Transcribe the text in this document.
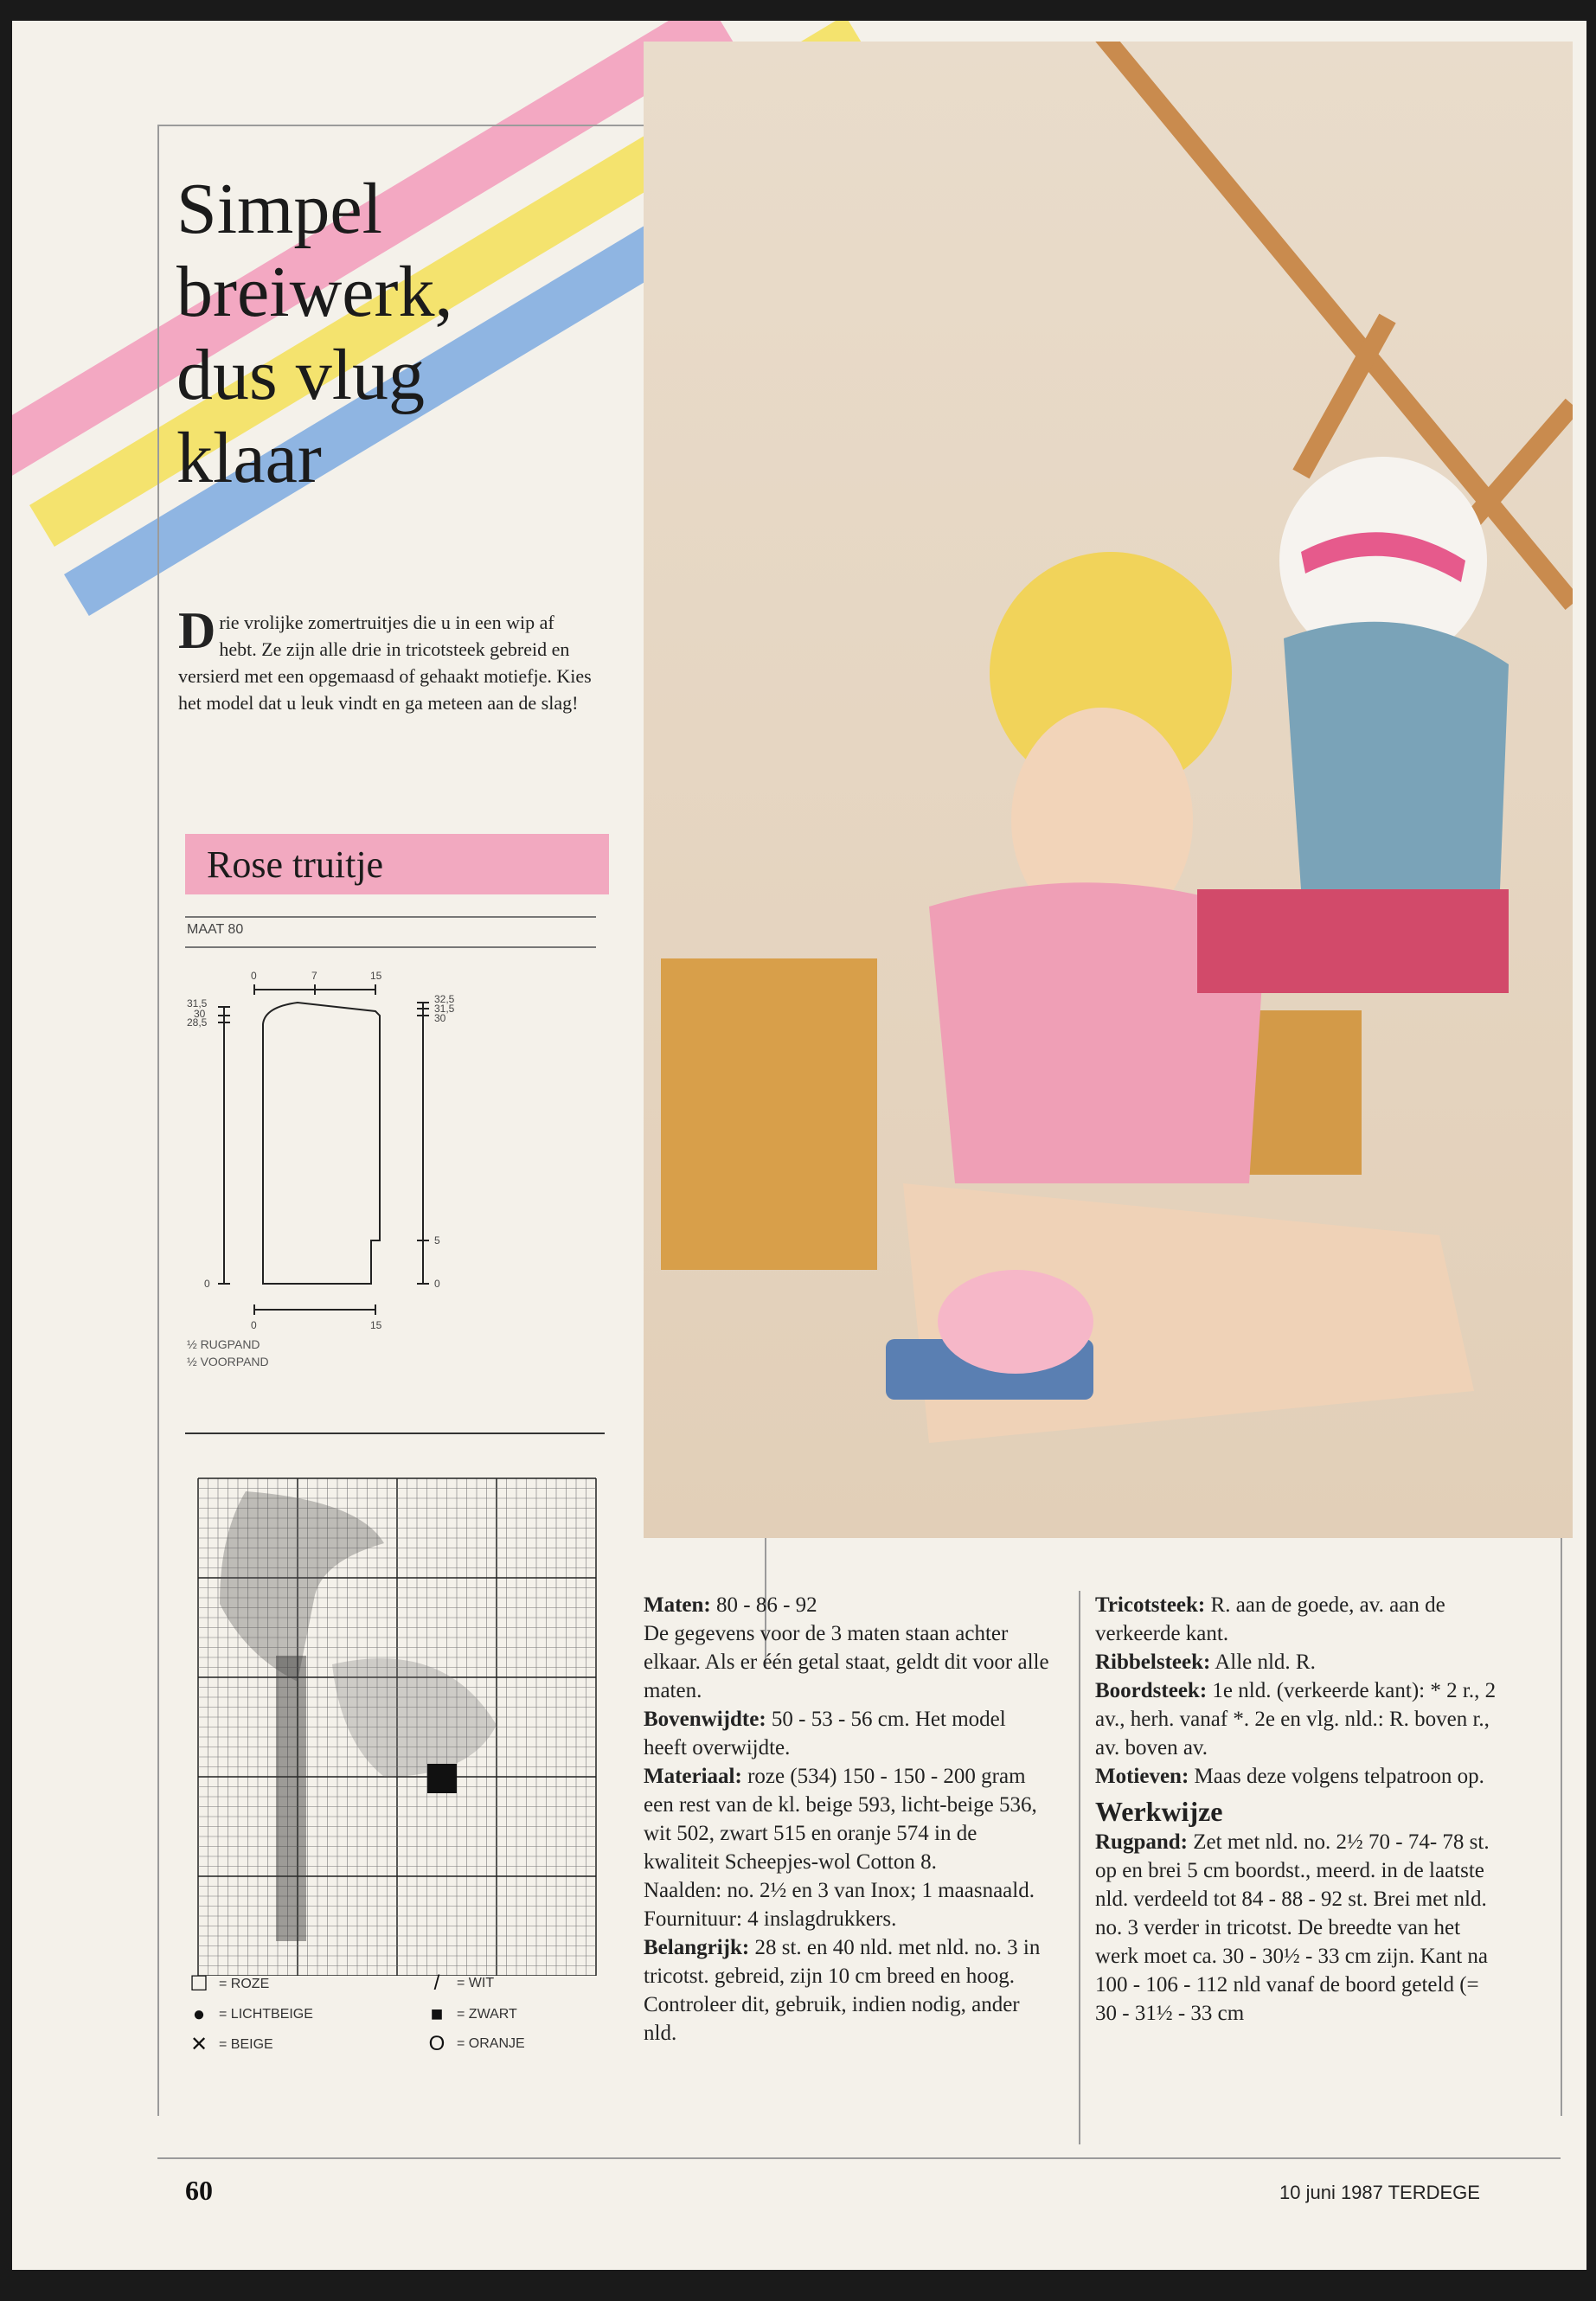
Simpel
breiwerk,
dus vlug
klaar
Drie vrolijke zomertruitjes die u in een wip af hebt. Ze zijn alle drie in tricotsteek gebreid en versierd met een opgemaasd of gehaakt motiefje. Kies het model dat u leuk vindt en ga meteen aan de slag!
Rose truitje
MAAT 80
0	7	15
31,5
30
28,5
0
32,5
31,5
30
5
0
0	15
½ RUGPAND
½ VOORPAND
☐ = ROZE
● = LICHTBEIGE
✕ = BEIGE
/	= WIT
■ = ZWART
O = ORANJE
Maten: 80 - 86 - 92
De gegevens voor de 3 maten staan achter elkaar. Als er één getal staat, geldt dit voor alle maten.
Bovenwijdte: 50 - 53 - 56 cm. Het model heeft overwijdte.
Materiaal: roze (534) 150 - 150 - 200 gram
een rest van de kl. beige 593, licht-beige 536, wit 502, zwart 515 en oranje 574 in de kwaliteit Scheepjes-wol Cotton 8.
Naalden: no. 2½ en 3 van Inox; 1 maasnaald.
Fournituur: 4 inslagdrukkers.
Belangrijk: 28 st. en 40 nld. met nld. no. 3 in tricotst. gebreid, zijn 10 cm breed en hoog. Controleer dit, gebruik, indien nodig, ander nld.
Tricotsteek: R. aan de goede, av. aan de verkeerde kant.
Ribbelsteek: Alle nld. R.
Boordsteek: 1e nld. (verkeerde kant): * 2 r., 2 av., herh. vanaf *. 2e en vlg. nld.: R. boven r., av. boven av.
Motieven: Maas deze volgens telpatroon op.
Werkwijze
Rugpand: Zet met nld. no. 2½ 70 - 74- 78 st. op en brei 5 cm boordst., meerd. in de laatste nld. verdeeld tot 84 - 88 - 92 st. Brei met nld. no. 3 verder in tricotst. De breedte van het werk moet ca. 30 - 30½ - 33 cm zijn. Kant na 100 - 106 - 112 nld vanaf de boord geteld (= 30 - 31½ - 33 cm
60	10 juni 1987 TERDEGE
